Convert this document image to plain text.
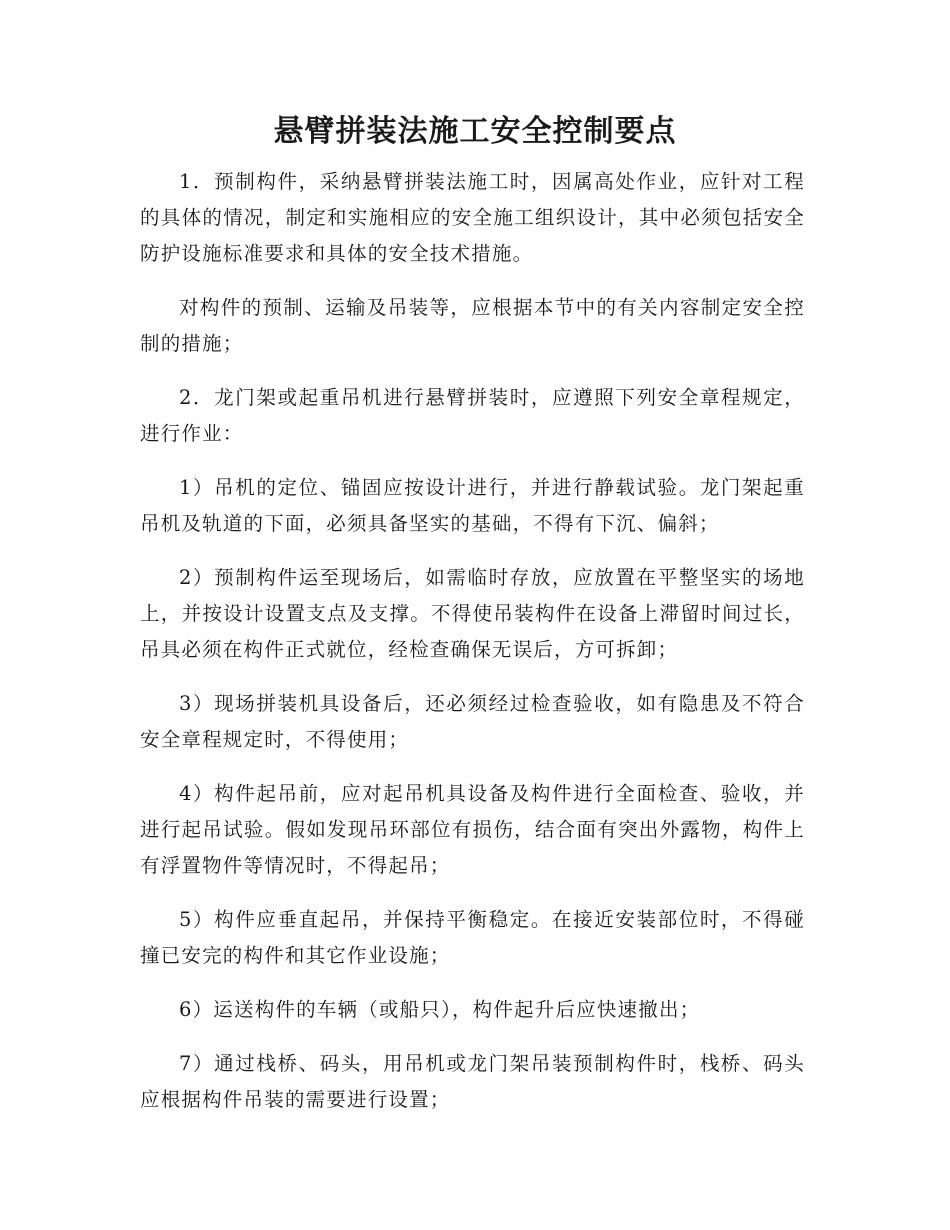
悬臂拼装法施工安全控制要点

1．预制构件，采纳悬臂拼装法施工时，因属高处作业，应针对工程的具体的情况，制定和实施相应的安全施工组织设计，其中必须包括安全防护设施标准要求和具体的安全技术措施。

对构件的预制、运输及吊装等，应根据本节中的有关内容制定安全控制的措施；

2．龙门架或起重吊机进行悬臂拼装时，应遵照下列安全章程规定，进行作业：

1）吊机的定位、锚固应按设计进行，并进行静载试验。龙门架起重吊机及轨道的下面，必须具备坚实的基础，不得有下沉、偏斜；

2）预制构件运至现场后，如需临时存放，应放置在平整坚实的场地上，并按设计设置支点及支撑。不得使吊装构件在设备上滞留时间过长，吊具必须在构件正式就位，经检查确保无误后，方可拆卸；

3）现场拼装机具设备后，还必须经过检查验收，如有隐患及不符合安全章程规定时，不得使用；

4）构件起吊前，应对起吊机具设备及构件进行全面检查、验收，并进行起吊试验。假如发现吊环部位有损伤，结合面有突出外露物，构件上有浮置物件等情况时，不得起吊；

5）构件应垂直起吊，并保持平衡稳定。在接近安装部位时，不得碰撞已安完的构件和其它作业设施；

6）运送构件的车辆（或船只），构件起升后应快速撤出；

7）通过栈桥、码头，用吊机或龙门架吊装预制构件时，栈桥、码头应根据构件吊装的需要进行设置；
